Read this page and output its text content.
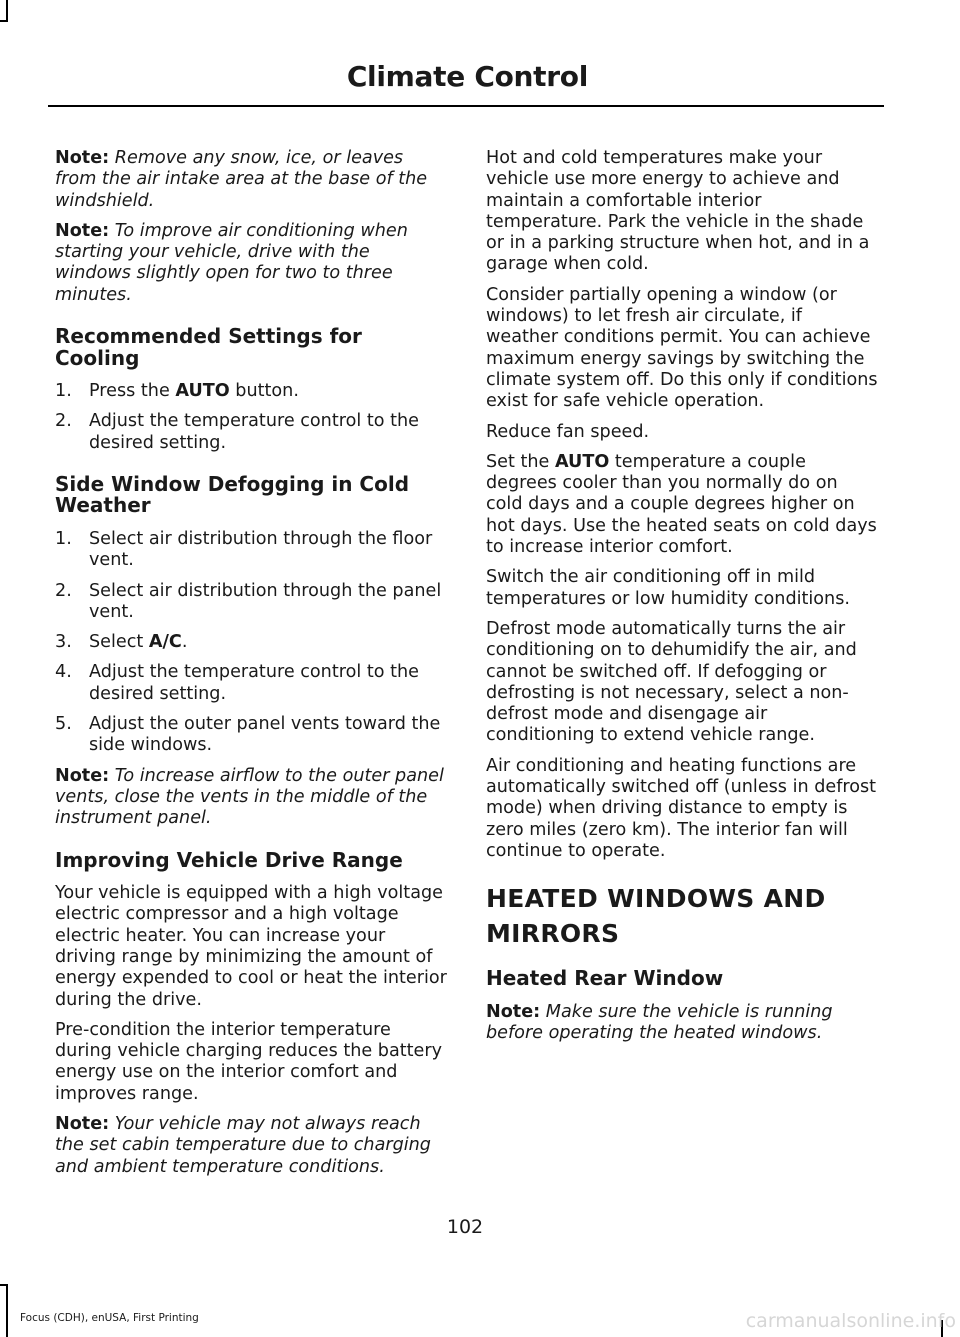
Climate Control

Note: Remove any snow, ice, or leaves from the air intake area at the base of the windshield.

Note: To improve air conditioning when starting your vehicle, drive with the windows slightly open for two to three minutes.

Recommended Settings for Cooling
1. Press the AUTO button.
2. Adjust the temperature control to the desired setting.
Side Window Defogging in Cold Weather
1. Select air distribution through the floor vent.
2. Select air distribution through the panel vent.
3. Select A/C.
4. Adjust the temperature control to the desired setting.
5. Adjust the outer panel vents toward the side windows.

Note: To increase airflow to the outer panel vents, close the vents in the middle of the instrument panel.

Improving Vehicle Drive Range

Your vehicle is equipped with a high voltage electric compressor and a high voltage electric heater. You can increase your driving range by minimizing the amount of energy expended to cool or heat the interior during the drive.

Pre-condition the interior temperature during vehicle charging reduces the battery energy use on the interior comfort and improves range.

Note: Your vehicle may not always reach the set cabin temperature due to charging and ambient temperature conditions.

Hot and cold temperatures make your vehicle use more energy to achieve and maintain a comfortable interior temperature. Park the vehicle in the shade or in a parking structure when hot, and in a garage when cold.

Consider partially opening a window (or windows) to let fresh air circulate, if weather conditions permit. You can achieve maximum energy savings by switching the climate system off. Do this only if conditions exist for safe vehicle operation.

Reduce fan speed.

Set the AUTO temperature a couple degrees cooler than you normally do on cold days and a couple degrees higher on hot days. Use the heated seats on cold days to increase interior comfort.

Switch the air conditioning off in mild temperatures or low humidity conditions.

Defrost mode automatically turns the air conditioning on to dehumidify the air, and cannot be switched off. If defogging or defrosting is not necessary, select a non-defrost mode and disengage air conditioning to extend vehicle range.

Air conditioning and heating functions are automatically switched off (unless in defrost mode) when driving distance to empty is zero miles (zero km). The interior fan will continue to operate.

HEATED WINDOWS AND
MIRRORS
Heated Rear Window

Note: Make sure the vehicle is running before operating the heated windows.

102
Focus (CDH), enUSA, First Printing	carmanualsonline.info
